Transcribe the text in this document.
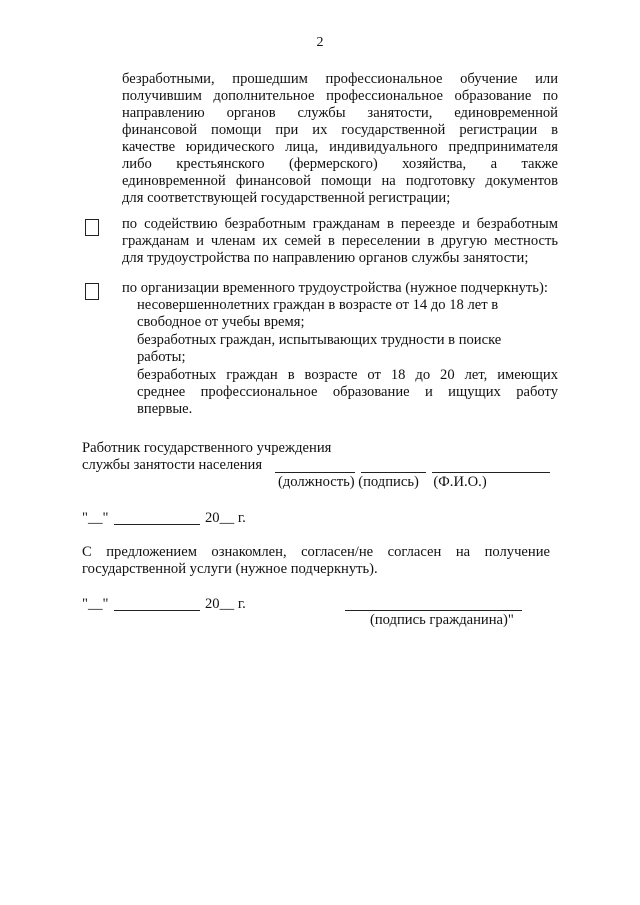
2
безработными, прошедшим профессиональное обучение или
получившим дополнительное профессиональное образование по
направлению органов службы занятости, единовременной
финансовой помощи при их государственной регистрации в
качестве юридического лица, индивидуального предпринимателя
либо крестьянского (фермерского) хозяйства, а также
единовременной финансовой помощи на подготовку документов
для соответствующей государственной регистрации;
по содействию безработным гражданам в переезде и безработным
гражданам и членам их семей в переселении в другую местность
для трудоустройства по направлению органов службы занятости;
по организации временного трудоустройства (нужное подчеркнуть):
несовершеннолетних граждан в возрасте от 14 до 18 лет в
свободное от учебы время;
безработных граждан, испытывающих трудности в поиске
работы;
безработных граждан в возрасте от 18 до 20 лет, имеющих
среднее профессиональное образование и ищущих работу
впервые.
Работник государственного учреждения
службы занятости населения
(должность) (подпись)    (Ф.И.О.)
"__"	20__ г.
С предложением ознакомлен, согласен/не согласен на получение
государственной услуги (нужное подчеркнуть).
"__"	20__ г.
(подпись гражданина)"
